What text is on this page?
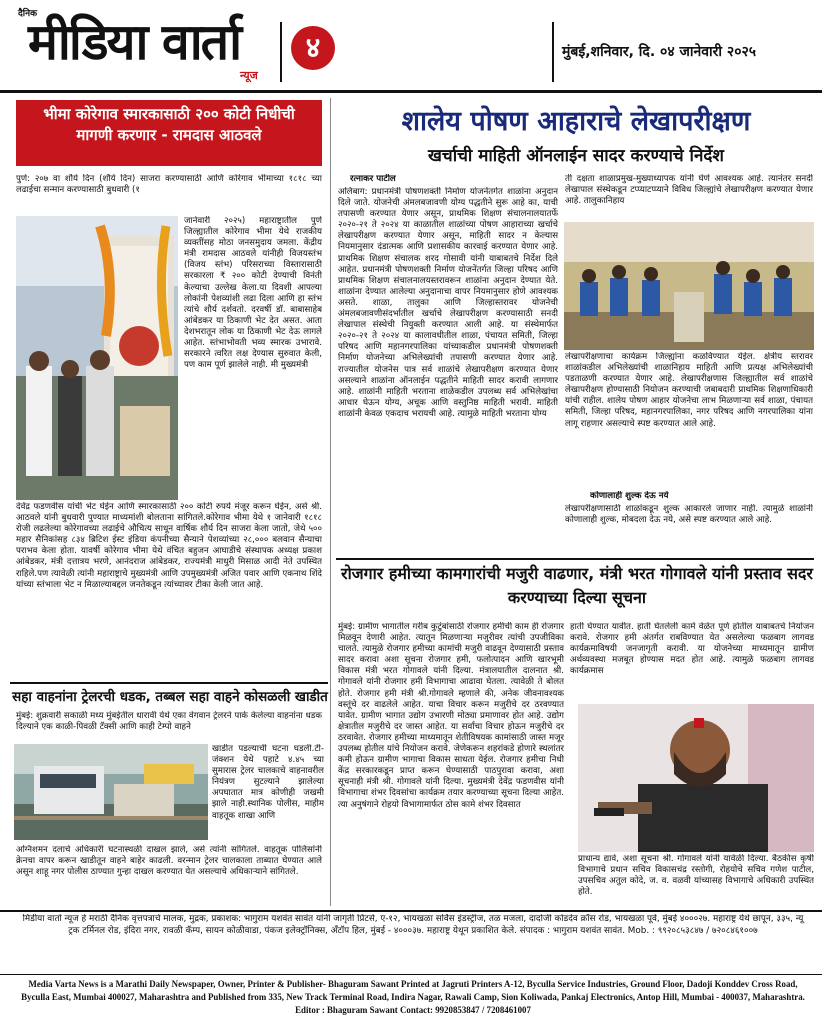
दैनिक
मीडिया वार्ता
न्यूज
४	मुंबई,शनिवार, दि. ०४ जानेवारी २०२५
भीमा कोरेगाव स्मारकासाठी २०० कोटी निधीची मागणी करणार - रामदास आठवले
पुणे: २०७ वा शौर्य दिन (शौर्य दिन) साजरा करण्यासाठी आणि कोरेगाव भीमाच्या १८१८ च्या लढाईचा सन्मान करण्यासाठी बुधवारी (१
जानेवारी २०२५) महाराष्ट्रातील पुणे जिल्ह्यातील कोरेगाव भीमा येथे राजकीय व्यक्तींसह मोठा जनसमुदाय जमला. केंद्रीय मंत्री रामदास आठवले यांनीही विजयस्तंभ (विजय स्तंभ) परिसराच्या विस्तारासाठी सरकारला ₹ २०० कोटी देण्याची विनंती केल्याचा उल्लेख केला.या दिवशी आपल्या लोकांनी पेशव्यांशी लढा दिला आणि हा स्तंभ त्यांचे शौर्य दर्शवतो. दरवर्षी डॉ. बाबासाहेब आंबेडकर या ठिकाणी भेट देत असत. आता देशभरातून लोक या ठिकाणी भेट देऊ लागले आहेत. स्तंभाभोवती भव्य स्मारक उभारावे. सरकारने त्वरित लक्ष देण्यास सुरुवात केली, पण काम पूर्ण झालेले नाही. मी मुख्यमंत्री
देवेंद्र फडणवीस यांची भेट घेईन आणि स्मारकासाठी २०० कोटी रुपये मंजूर करून घेईन, असे श्री. आठवले यांनी बुधवारी पुण्यात माध्यमांशी बोलताना सांगितले.कोरेगाव भीमा येथे १ जानेवारी १८१८ रोजी लढलेल्या कोरेगावच्या लढाईचे औचित्य साधून वार्षिक शौर्य दिन साजरा केला जातो, जेथे ५०० महार सैनिकांसह ८३४ ब्रिटिश ईस्ट इंडिया कंपनीच्या सैन्याने पेशव्यांच्या २८,००० बलवान सैन्याचा पराभव केला होता. यावर्षी कोरेगाव भीमा येथे वंचित बहुजन आघाडीचे संस्थापक अध्यक्ष प्रकाश आंबेडकर, मंत्री दत्तात्रय भरणे, आनंदराज आंबेडकर, राज्यमंत्री माधुरी मिसाळ आदी नेते उपस्थित राहिले.पण त्यावेळी त्यांनी महाराष्ट्राचे मुख्यमंत्री आणि उपमुख्यमंत्री अजित पवार आणि एकनाथ शिंदे यांच्या स्तंभाला भेट न मिळाल्याबद्दल जनतेकडून त्यांच्यावर टीका केली जात आहे.
सहा वाहनांना ट्रेलरची धडक, तब्बल सहा वाहने कोसळली खाडीत
मुंबई: शुक्रवारी सकाळी मध्य मुंबईतील धारावी येथे एका वेगवान ट्रेलरने पार्क केलेल्या वाहनांना धडक दिल्याने एक काळी-पिवळी टॅक्सी आणि काही टेम्पो वाहने
खाडीत पडल्याची घटना घडली.टी-जंक्शन येथे पहाटे ४.४५ च्या सुमारास ट्रेलर चालकाचे वाहनावरील नियंत्रण सुटल्याने झालेल्या अपघातात मात्र कोणीही जखमी झाले नाही.स्थानिक पोलीस, माहीम वाहतूक शाखा आणि
अग्निशमन दलाचे अधिकारी घटनास्थळी दाखल झाले, असे त्यांनी सांगितले. वाहतूक पोलिसांनी क्रेनचा वापर करून खाडीतून वाहने बाहेर काढली. वरन्मान ट्रेलर चालकाला ताब्यात घेण्यात आले असून शाहू नगर पोलीस ठाण्यात गुन्हा दाखल करण्यात येत असल्याचे अधिकाऱ्याने सांगितले.
शालेय पोषण आहाराचे लेखापरीक्षण
खर्चाची माहिती ऑनलाईन सादर करण्याचे निर्देश
रत्नाकर पाटील
अलिबाग: प्रधानमंत्री पोषणशक्ती निर्माण योजनेंतर्गत शाळांना अनुदान दिले जाते. योजनेची अंमलबजावणी योग्य पद्धतीने सुरू आहे का, याची तपासणी करण्यात येणार असून, प्राथमिक शिक्षण संचालनालयातर्फे २०२०-२१ ते २०२४ या काळातील शाळांच्या पोषण आहाराच्या खर्चाचे लेखापरीक्षण करण्यात येणार असून, माहिती सादर न केल्यास नियमानुसार दंडात्मक आणि प्रशासकीय कारवाई करण्यात येणार आहे. प्राथमिक शिक्षण संचालक शरद गोसावी यांनी याबाबतचे निर्देश दिले आहेत. प्रधानमंत्री पोषणशक्ती निर्माण योजनेंतर्गत जिल्हा परिषद आणि प्राथमिक शिक्षण संचालनालयस्तरावरून शाळांना अनुदान देण्यात येते. शाळांना देण्यात आलेल्या अनुदानाचा वापर नियमानुसार होणे आवश्यक असते. शाळा, तालुका आणि जिल्हास्तरावर योजनेची अंमलबजावणीसंदर्भातील खर्चाचे लेखापरीक्षण करण्यासाठी सनदी लेखापाल संस्थेची नियुक्ती करण्यात आली आहे. या संस्थेमार्फत २०२०-२१ ते २०२४ या कालावधीतील शाळा, पंचायत समिती, जिल्हा परिषद आणि महानगरपालिका यांच्याकडील प्रधानमंत्री पोषणशक्ती निर्माण योजनेच्या अभिलेख्यांची तपासणी करण्यात येणार आहे. राज्यातील योजनेस पात्र सर्व शाळांचे लेखापरीक्षण करण्यात येणार असल्याने शाळांना ऑनलाईन पद्धतीने माहिती सादर करावी लागणार आहे. शाळांनी माहिती भरताना शाळेकडील उपलब्ध सर्व अभिलेखांचा आधार घेऊन योग्य, अचूक आणि वस्तुनिष्ठ माहिती भरावी. माहिती शाळांनी केवळ एकदाच भरायची आहे. त्यामुळे माहिती भरताना योग्य
ती दक्षता शाळाप्रमुख-मुख्याध्यापक यांनी घेणे आवश्यक आहे. त्यानंतर सनदी लेखापाल संस्थेकडून टप्प्याटप्प्याने विविध जिल्ह्यांचे लेखापरीक्षण करण्यात येणार आहे. तालुकानिहाय
लेखापरीक्षणाचा कार्यक्रम जिल्ह्यांना कळविण्यात येईल. क्षेत्रीय स्तरावर शाळांकडील अभिलेख्यांची शाळानिहाय माहिती आणि प्रत्यक्ष अभिलेख्यांची पडताळणी करण्यात येणार आहे. लेखापरीक्षणास जिल्ह्यातील सर्व शाळांचे लेखापरीक्षण होण्यासाठी नियोजन करण्याची जबाबदारी प्राथमिक शिक्षणाधिकारी यांची राहील. शालेय पोषण आहार योजनेचा लाभ मिळणाऱ्या सर्व शाळा, पंचायत समिती, जिल्हा परिषद, महानगरपालिका, नगर परिषद आणि नगरपालिका यांना लागू राहणार असल्याचे स्पष्ट करण्यात आले आहे.
कोणालाही शुल्क देऊ नये
लेखापरीक्षणासाठी शाळांकडून शुल्क आकारले जाणार नाही. त्यामुळे शाळांनी कोणालाही शुल्क, मोबदला देऊ नये, असे स्पष्ट करण्यात आले आहे.
रोजगार हमीच्या कामगारांची मजुरी वाढणार, मंत्री भरत गोगावले यांनी प्रस्ताव सदर करण्याच्या दिल्या सूचना
मुंबई: ग्रामीण भागातील गरीब कुटुंबांसाठी रोजगार हमीची काम ही रोजगार मिळवून देणारी आहेत. त्यातून मिळणाऱ्या मजुरीवर त्यांची उपजीविका चालते. त्यामुळे रोजगार हमीच्या कामांची मजुरी वाढवून देण्यासाठी प्रस्ताव सादर करावा अशा सूचना रोजगार हमी, फलोत्पादन आणि खारभूमी विकास मंत्री भरत गोगावले यांनी दिल्या. मंत्रालयातील दालनात श्री. गोगावले यांनी रोजगार हमी विभागाचा आढावा घेतला. त्यावेळी ते बोलत होते. रोजगार हमी मंत्री श्री.गोगावले म्हणाले की, अनेक जीवनावश्यक वस्तूंचे दर वाढलेले आहेत. याचा विचार करून मजुरीचे दर ठरवण्यात यावेत. ग्रामीण भागात उद्योग उभारणी मोठ्या प्रमाणावर होत आहे. उद्योग क्षेत्रातील मजुरीचे दर जास्त आहेत. या सर्वांचा विचार होऊन मजुरीचे दर ठरवावेत. रोजगार हमीच्या माध्यमातून शेतीविषयक कामांसाठी जास्त मजूर उपलब्ध होतील यांचे नियोजन करावे. जेणेकरून शहरांकडे होणारे स्थलांतर कमी होऊन ग्रामीण भागाचा विकास साधता येईल. रोजगार हमीचा निधी केंद्र सरकारकडून प्राप्त करून घेण्यासाठी पाठपुरावा करावा, अशा सूचनाही मंत्री श्री. गोगावले यांनी दिल्या. मुख्यमंत्री देवेंद्र फडणवीस यांनी विभागाचा शंभर दिवसांचा कार्यक्रम तयार करण्याच्या सूचना दिल्या आहेत. त्या अनुषंगाने रोहयो विभागामार्फत ठोस कामे शंभर दिवसात
हाती घेण्यात यावीत. हाती घेतलेली कामे वेळेत पूर्ण होतील याबाबतचे नियोजन करावे. रोजगार हमी अंतर्गत राबविण्यात येत असलेल्या फळबाग लागवड कार्यक्रमाविषयी जनजागृती करावी. या योजनेच्या माध्यमातून ग्रामीण अर्थव्यवस्था मजबूत होण्यास मदत होत आहे. त्यामुळे फळबाग लागवड कार्यक्रमास
प्राधान्य द्यावे, अशा सूचना श्री. गोगावले यांनी यावेळी दिल्या. बैठकीस कृषी विभागाचे प्रधान सचिव विकासचंद्र रस्तोगी, रोहयोचे सचिव गणेश पाटील, उपसचिव अतुल कोदे, ज. व. वळवी यांच्यासह विभागाचे अधिकारी उपस्थित होते.
मिडीया वार्ता न्यूज हे मराठी दैनिक वृत्तपत्राचे मालक, मुद्रक, प्रकाशक: भागुराम यशवंत सावंत यांनी जागृती प्रिंटर्स, ए-१२, भायखळा सर्विस इंडस्ट्रीज, तळ मजला, दादोजी कोंडदेव क्रॉस रोड, भायखळा पूर्व, मुंबई ४०००२७. महाराष्ट्र येथे छापून, ३३५, न्यू ट्रक टर्मिनल रोड, इंदिरा नगर, रावळी कॅम्प, सायन कोळीवाडा, पंकज इलेक्ट्रॉनिक्स, अँटॉप हिल, मुंबई - ४०००३७. महाराष्ट्र येथून प्रकाशित केले. संपादक : भागुराम यशवंत सावंत. Mob. : ९९२०८५३८४७ / ७२०८४६१००७
Media Varta News is a Marathi Daily Newspaper, Owner, Printer & Publisher- Bhaguram Sawant Printed at Jagruti Printers A-12, Byculla Service Industries, Ground Floor, Dadoji Konddev Cross Road, Byculla East, Mumbai 400027, Maharashtra and Published from 335, New Track Terminal Road, Indira Nagar, Rawali Camp, Sion Koliwada, Pankaj Electronics, Antop Hill, Mumbai - 400037, Maharashtra. Editor : Bhaguram Sawant Contact: 9920853847 / 7208461007
